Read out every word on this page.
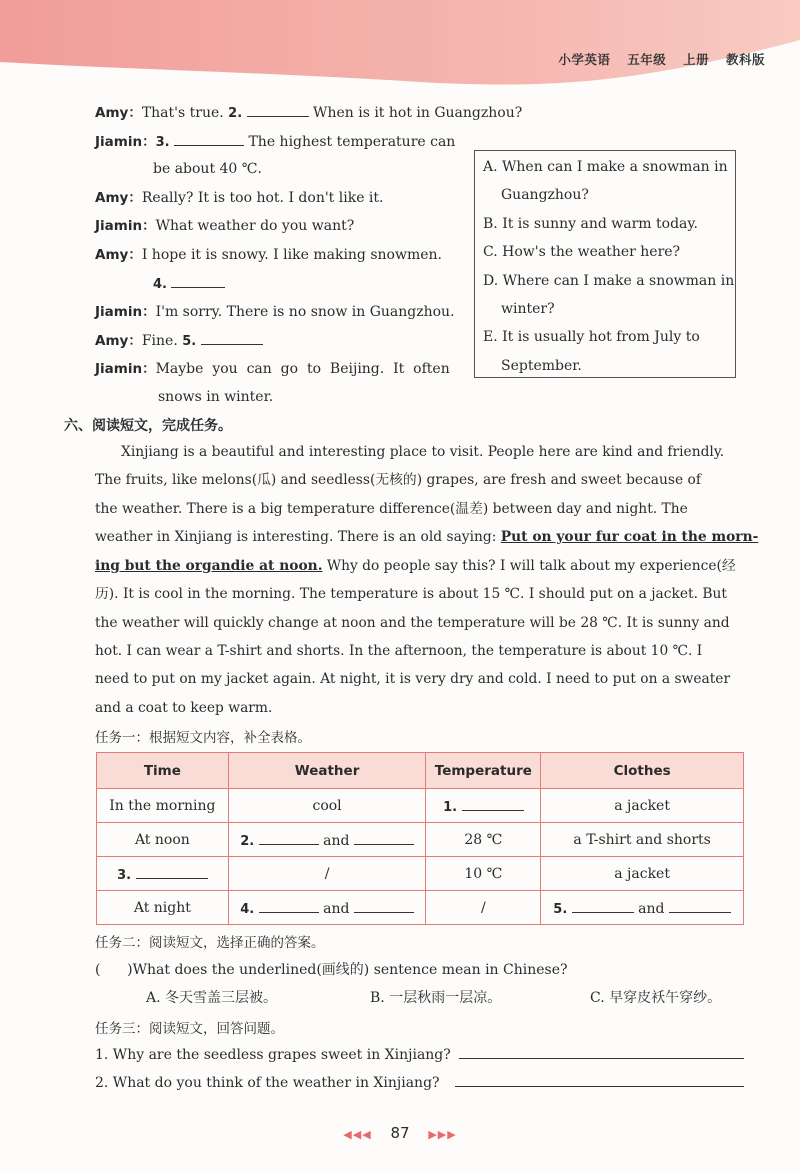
小学英语 五年级 上册 教科版
Amy：That's true. 2.	When is it hot in Guangzhou?
Jiamin：3.	The highest temperature can
be about 40 ℃.
Amy：Really? It is too hot. I don't like it.
Jiamin：What weather do you want?
Amy：I hope it is snowy. I like making snowmen.
4.
Jiamin：I'm sorry. There is no snow in Guangzhou.
Amy：Fine. 5.
Jiamin：Maybe  you  can  go  to  Beijing.  It  often
snows in winter.
A. When can I make a snowman in
Guangzhou?
B. It is sunny and warm today.
C. How's the weather here?
D. Where can I make a snowman in
winter?
E. It is usually hot from July to
September.
六、阅读短文，完成任务。
Xinjiang is a beautiful and interesting place to visit. People here are kind and friendly.
The fruits, like melons(瓜) and seedless(无核的) grapes, are fresh and sweet because of
the weather. There is a big temperature difference(温差) between day and night. The
weather in Xinjiang is interesting. There is an old saying: Put on your fur coat in the morn-
ing but the organdie at noon. Why do people say this? I will talk about my experience(经
历). It is cool in the morning. The temperature is about 15 ℃. I should put on a jacket. But
the weather will quickly change at noon and the temperature will be 28 ℃. It is sunny and
hot. I can wear a T-shirt and shorts. In the afternoon, the temperature is about 10 ℃. I
need to put on my jacket again. At night, it is very dry and cold. I need to put on a sweater
and a coat to keep warm.
任务一：根据短文内容，补全表格。
Time	Weather	Temperature	Clothes
In the morning	cool	1.	a jacket
At noon	2. and	28 ℃	a T-shirt and shorts
3.	/	10 ℃	a jacket
At night	4. and	/	5. and
任务二：阅读短文，选择正确的答案。
(      )What does the underlined(画线的) sentence mean in Chinese?
A. 冬天雪盖三层被。	B. 一层秋雨一层凉。	C. 早穿皮袄午穿纱。
任务三：阅读短文，回答问题。
1. Why are the seedless grapes sweet in Xinjiang?
2. What do you think of the weather in Xinjiang?
◀◀◀ 87 ▶▶▶
